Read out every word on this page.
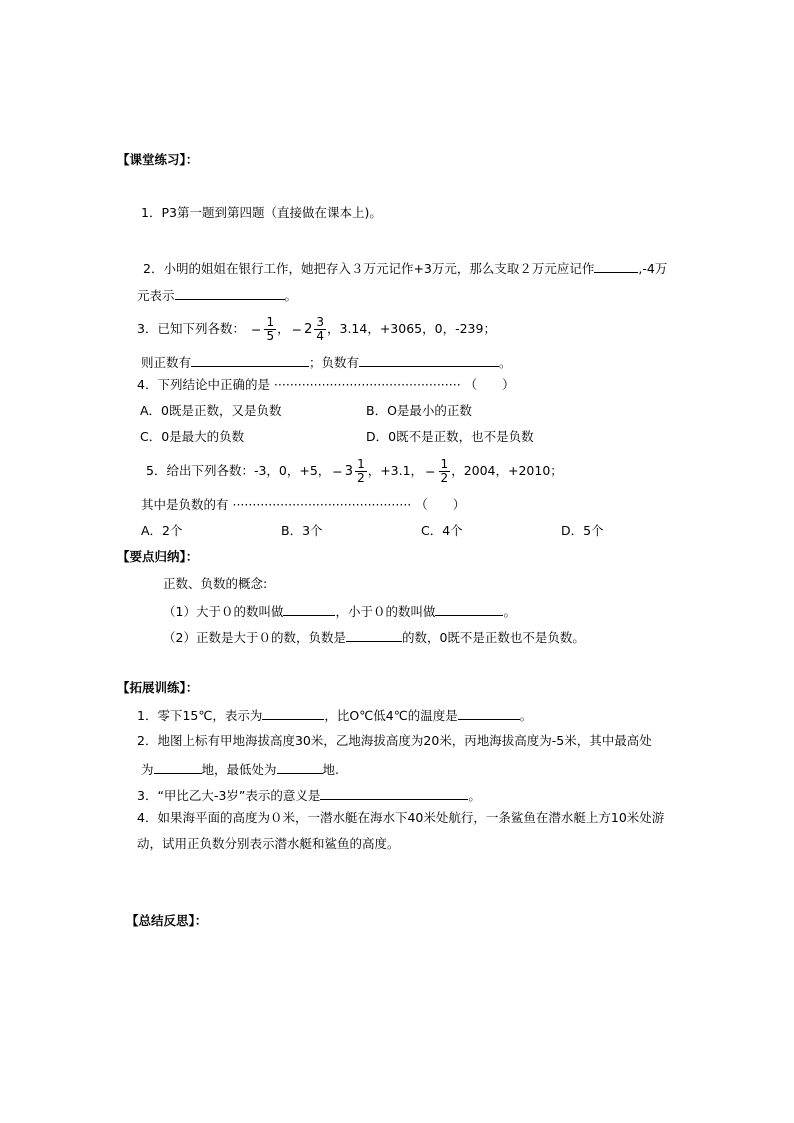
【课堂练习】：
1．P3第一题到第四题（直接做在课本上)。
2．小明的姐姐在银行工作，她把存入３万元记作+3万元，那么支取２万元应记作	,-4万
元表示	。
3．已知下列各数： − $\frac{1}{5}$ ， − $2 \frac{3}{4}$ ，3.14，+3065，0，-239；
则正数有	；负数有	。
4．下列结论中正确的是 ··············································· （　　）
A．0既是正数，又是负数	B．O是最小的正数
C．0是最大的负数	D．0既不是正数，也不是负数
5．给出下列各数：-3，0，+5， − $3 \frac{1}{2}$ ，+3.1， − $\frac{1}{2}$ ，2004，+2010；
其中是负数的有 ············································· （　　）
A．2个	B．3个	C．4个	D．5个
【要点归纳】：
正数、负数的概念:
（1）大于０的数叫做	，小于０的数叫做	。
（2）正数是大于０的数，负数是	的数，0既不是正数也不是负数。
【拓展训练】：
1．零下15℃，表示为	，比O℃低4℃的温度是	。
2．地图上标有甲地海拔高度30米，乙地海拔高度为20米，丙地海拔高度为-5米，其中最高处
为	地，最低处为	地.
3．“甲比乙大-3岁”表示的意义是	。
4．如果海平面的高度为０米，一潜水艇在海水下40米处航行，一条鲨鱼在潜水艇上方10米处游
动，试用正负数分别表示潜水艇和鲨鱼的高度。
【总结反思】：
